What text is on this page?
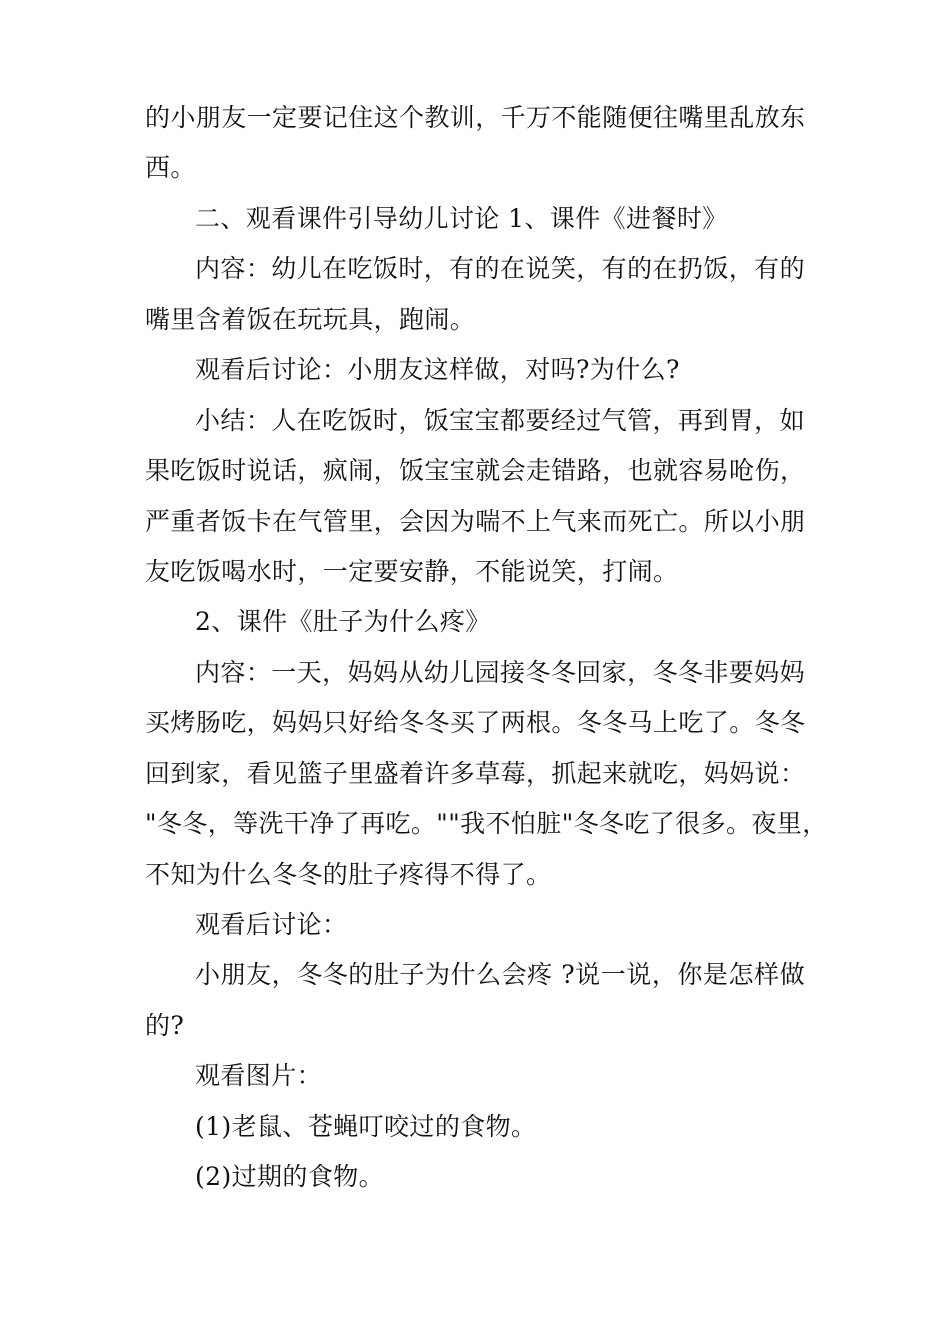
的小朋友一定要记住这个教训，千万不能随便往嘴里乱放东
西。
二、观看课件引导幼儿讨论 1、课件《进餐时》
内容：幼儿在吃饭时，有的在说笑，有的在扔饭，有的
嘴里含着饭在玩玩具，跑闹。
观看后讨论：小朋友这样做，对吗?为什么?
小结：人在吃饭时，饭宝宝都要经过气管，再到胃，如
果吃饭时说话，疯闹，饭宝宝就会走错路，也就容易呛伤，
严重者饭卡在气管里，会因为喘不上气来而死亡。所以小朋
友吃饭喝水时，一定要安静，不能说笑，打闹。
2、课件《肚子为什么疼》
内容：一天，妈妈从幼儿园接冬冬回家，冬冬非要妈妈
买烤肠吃，妈妈只好给冬冬买了两根。冬冬马上吃了。冬冬
回到家，看见篮子里盛着许多草莓，抓起来就吃，妈妈说：
"冬冬，等洗干净了再吃。""我不怕脏"冬冬吃了很多。夜里，
不知为什么冬冬的肚子疼得不得了。
观看后讨论：
小朋友，冬冬的肚子为什么会疼 ?说一说，你是怎样做
的?
观看图片：
(1)老鼠、苍蝇叮咬过的食物。
(2)过期的食物。
